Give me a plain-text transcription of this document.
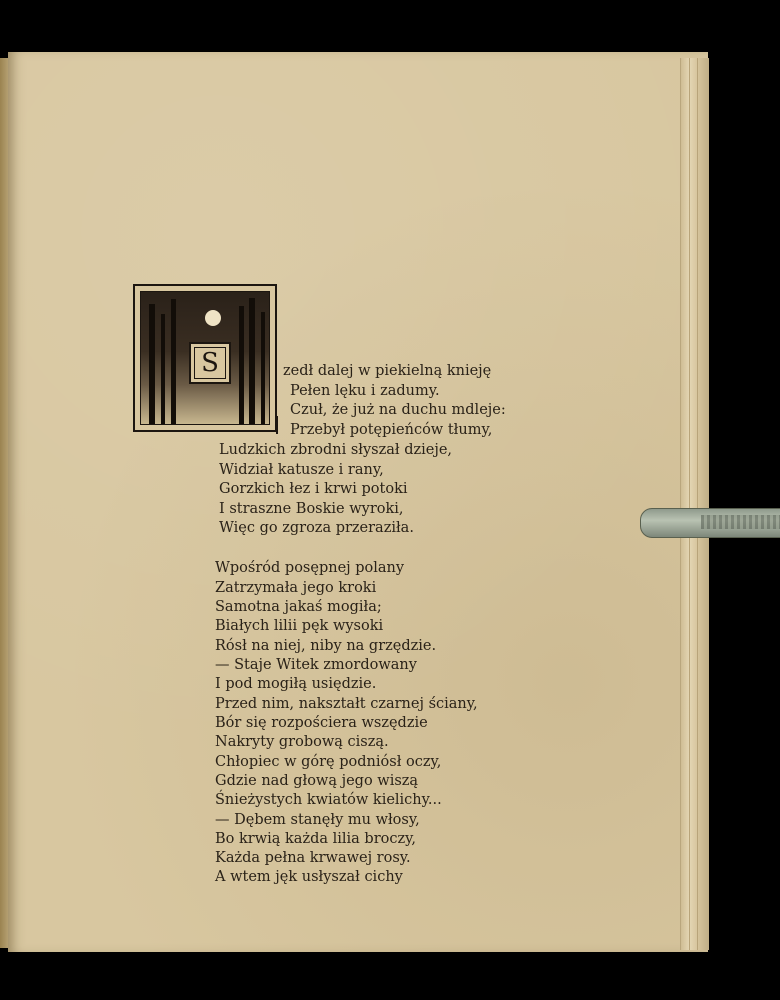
S	zedł dalej w piekielną knieję
Pełen lęku i zadumy.
Czuł, że już na duchu mdleje:
Przebył potępieńców tłumy,
Ludzkich zbrodni słyszał dzieje,
Widział katusze i rany,
Gorzkich łez i krwi potoki
I straszne Boskie wyroki,
Więc go zgroza przeraziła.
Wpośród posępnej polany
Zatrzymała jego kroki
Samotna jakaś mogiła;
Białych lilii pęk wysoki
Rósł na niej, niby na grzędzie.
— Staje Witek zmordowany
I pod mogiłą usiędzie.
Przed nim, nakształt czarnej ściany,
Bór się rozpościera wszędzie
Nakryty grobową ciszą.
Chłopiec w górę podniósł oczy,
Gdzie nad głową jego wiszą
Śnieżystych kwiatów kielichy...
— Dębem stanęły mu włosy,
Bo krwią każda lilia broczy,
Każda pełna krwawej rosy.
A wtem jęk usłyszał cichy
